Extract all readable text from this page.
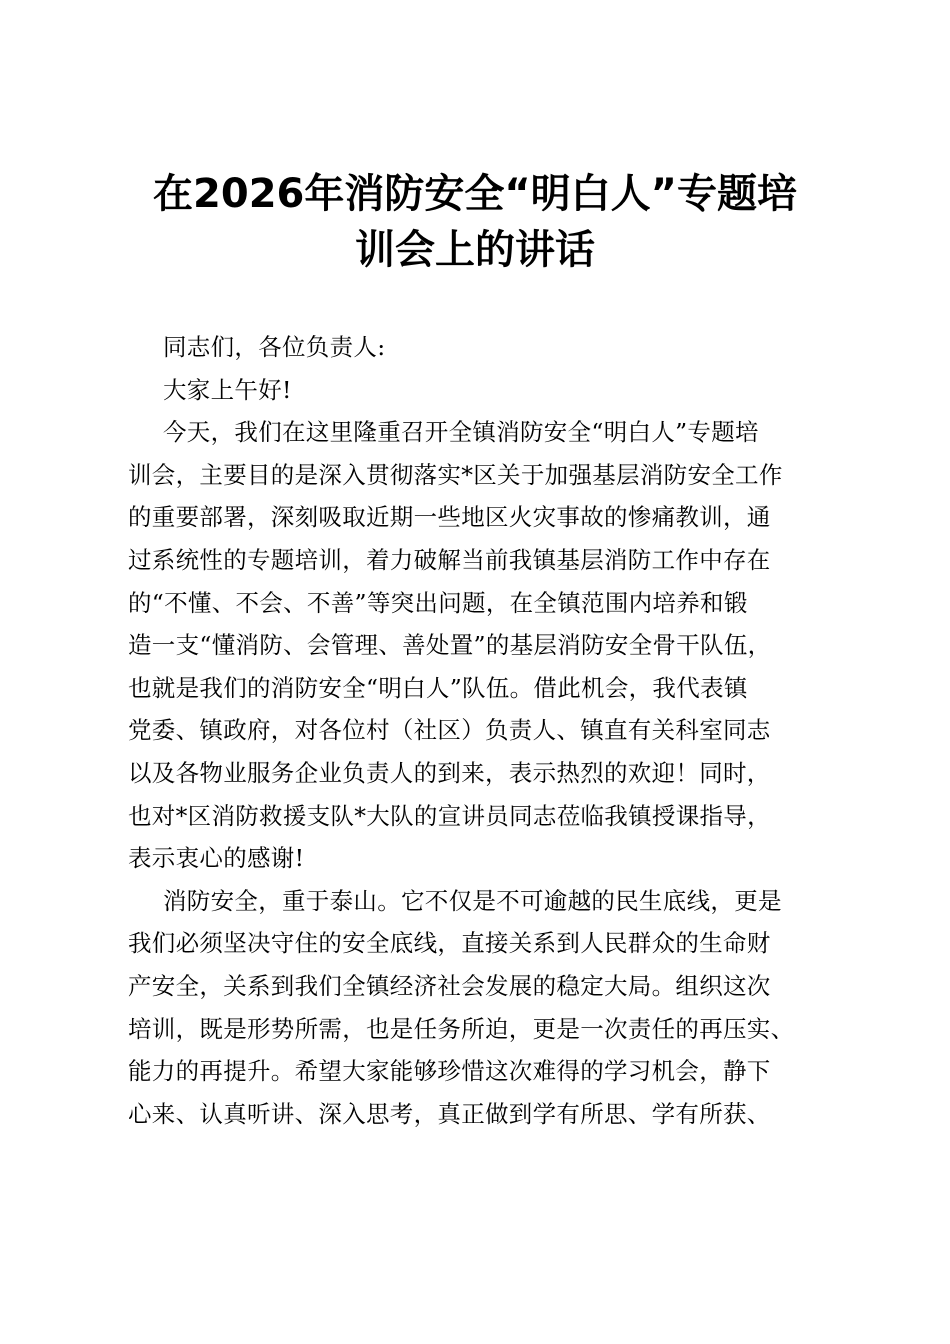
在2026年消防安全“明白人”专题培
训会上的讲话
同志们，各位负责人:
大家上午好!
今天，我们在这里隆重召开全镇消防安全“明白人”专题培
训会，主要目的是深入贯彻落实*区关于加强基层消防安全工作
的重要部署，深刻吸取近期一些地区火灾事故的惨痛教训，通
过系统性的专题培训，着力破解当前我镇基层消防工作中存在
的“不懂、不会、不善”等突出问题，在全镇范围内培养和锻
造一支“懂消防、会管理、善处置”的基层消防安全骨干队伍，
也就是我们的消防安全“明白人”队伍。借此机会，我代表镇
党委、镇政府，对各位村（社区）负责人、镇直有关科室同志
以及各物业服务企业负责人的到来，表示热烈的欢迎！同时，
也对*区消防救援支队*大队的宣讲员同志莅临我镇授课指导，
表示衷心的感谢!
消防安全，重于泰山。它不仅是不可逾越的民生底线，更是
我们必须坚决守住的安全底线，直接关系到人民群众的生命财
产安全，关系到我们全镇经济社会发展的稳定大局。组织这次
培训，既是形势所需，也是任务所迫，更是一次责任的再压实、
能力的再提升。希望大家能够珍惜这次难得的学习机会，静下
心来、认真听讲、深入思考，真正做到学有所思、学有所获、
